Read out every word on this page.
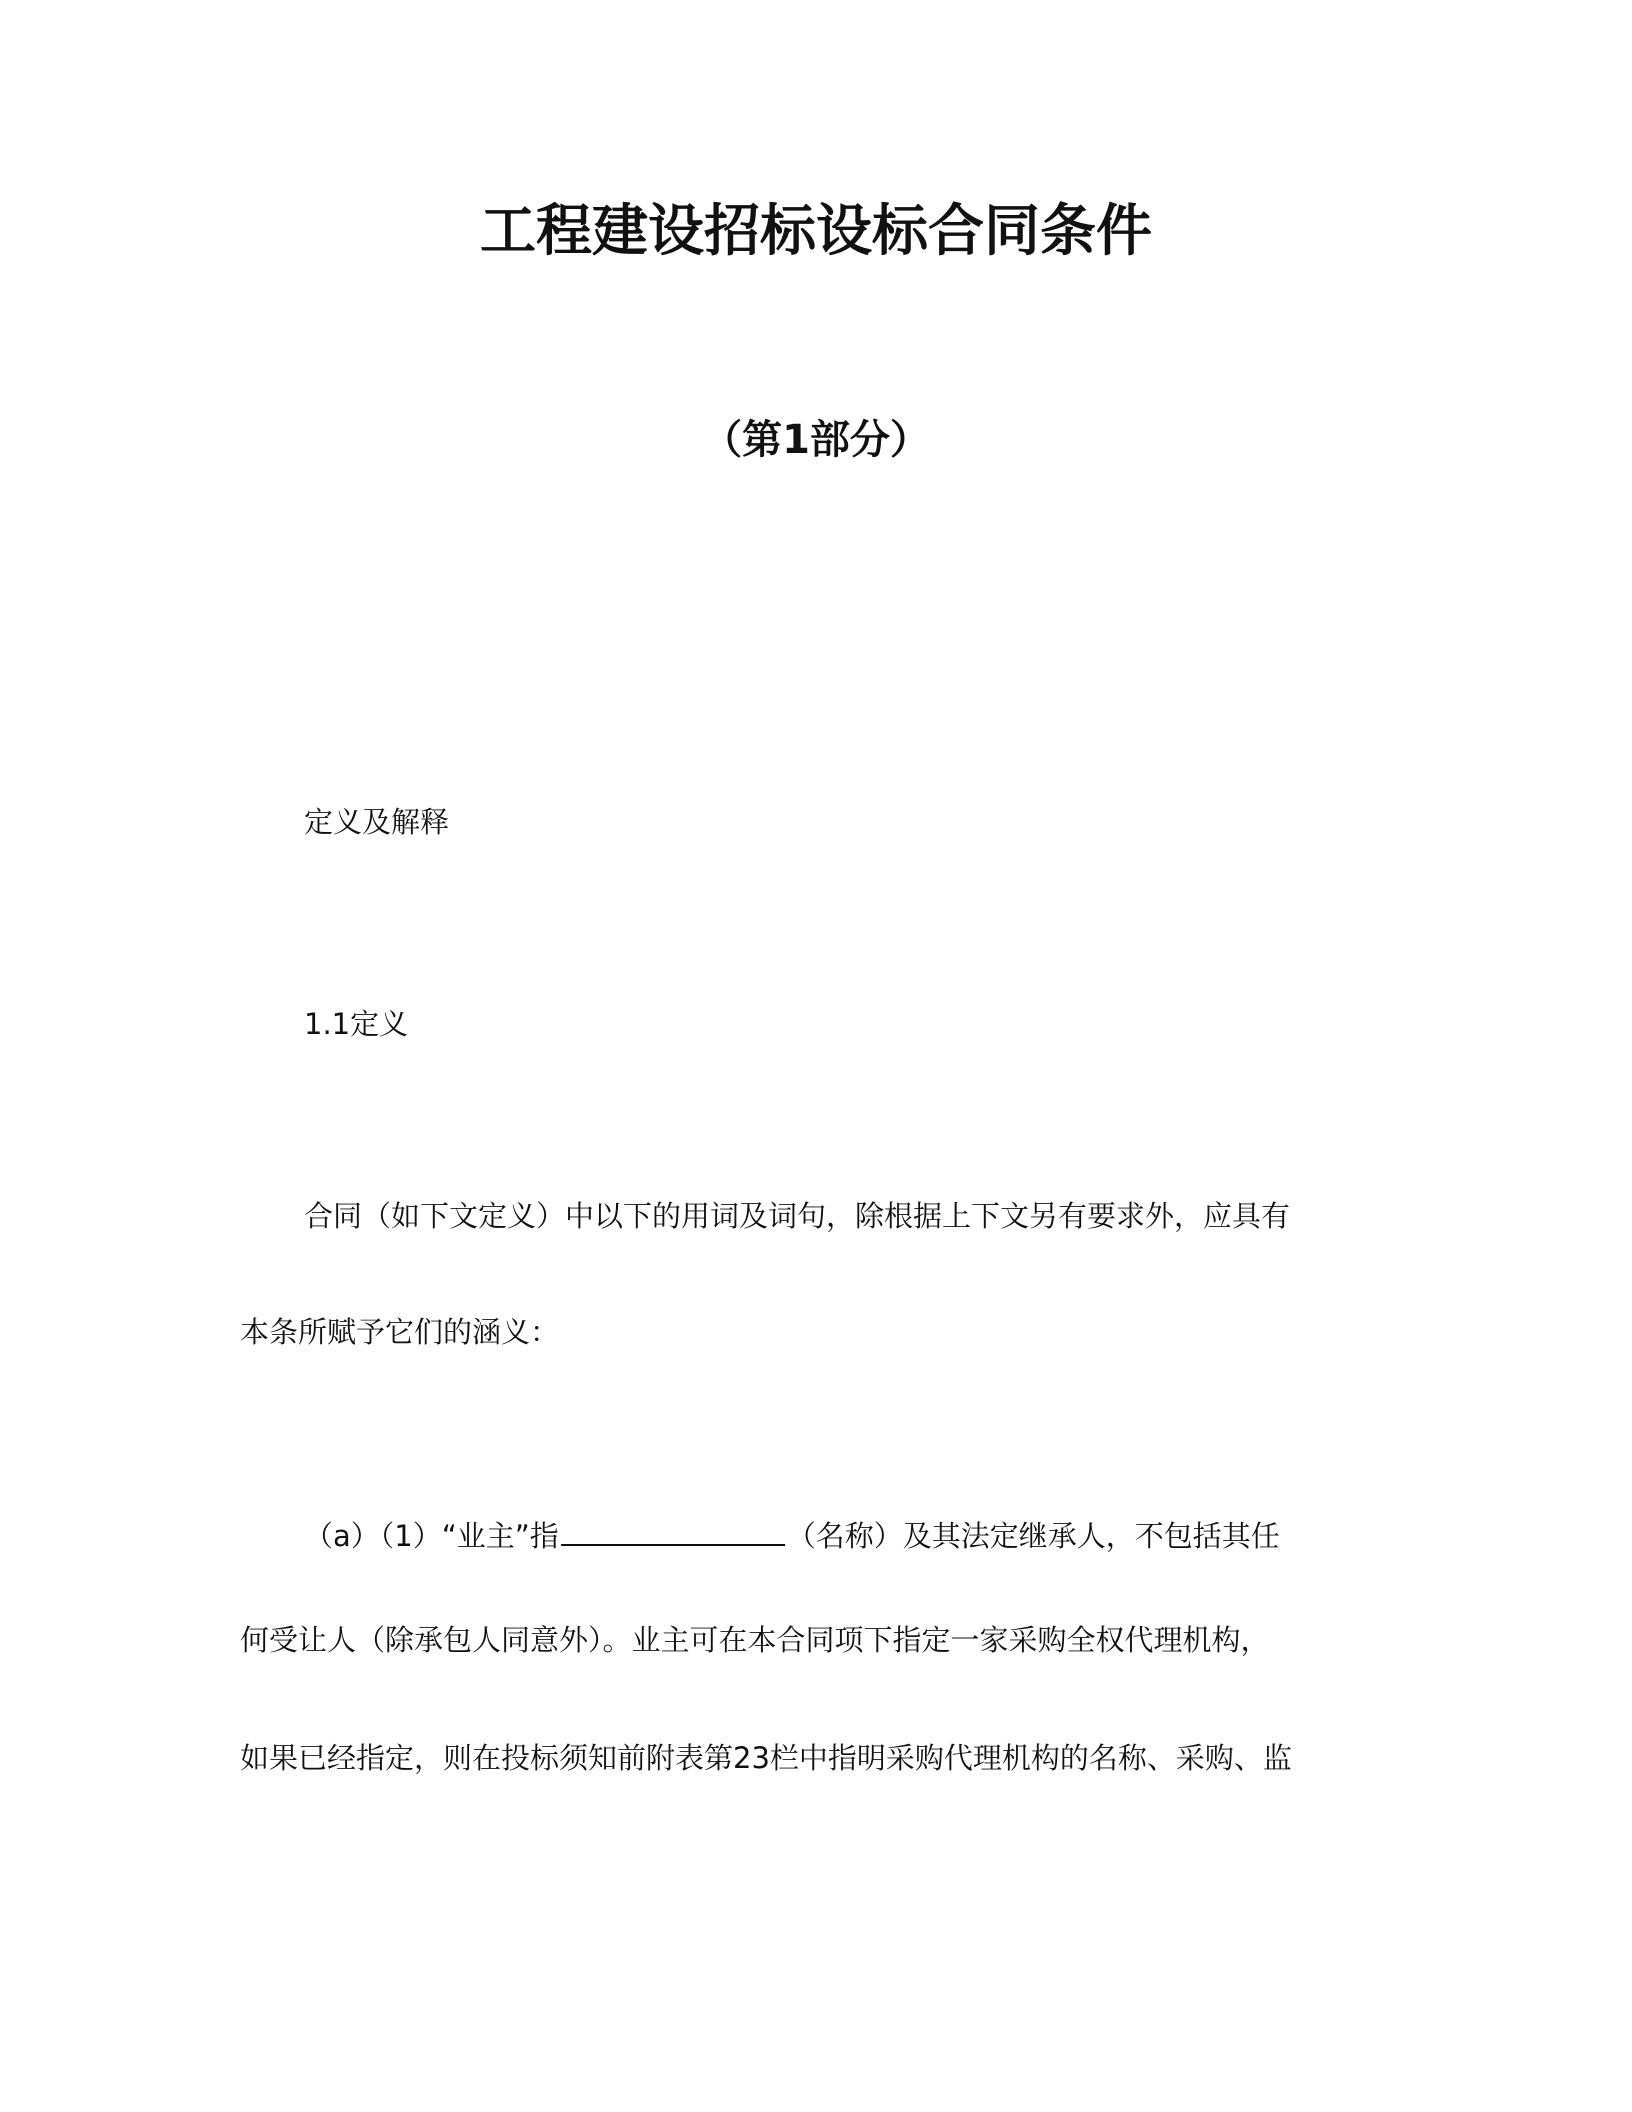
工程建设招标设标合同条件
（第1部分）
定义及解释
1.1定义
合同（如下文定义）中以下的用词及词句，除根据上下文另有要求外，应具有
本条所赋予它们的涵义：
（a）（1）“业主”指	（名称）及其法定继承人，不包括其任
何受让人（除承包人同意外）。业主可在本合同项下指定一家采购全权代理机构，
如果已经指定，则在投标须知前附表第23栏中指明采购代理机构的名称、采购、监
